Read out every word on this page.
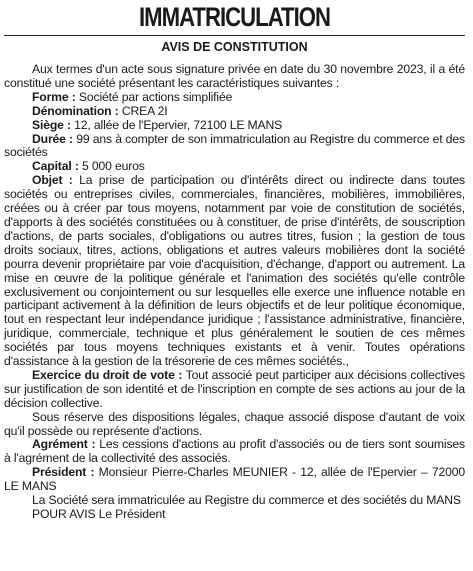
IMMATRICULATION
AVIS DE CONSTITUTION

Aux termes d'un acte sous signature privée en date du 30 novembre 2023, il a été constitué une société présentant les caractéristiques suivantes :

Forme : Société par actions simplifiée

Dénomination : CREA 2I

Siège : 12, allée de l'Epervier, 72100 LE MANS

Durée : 99 ans à compter de son immatriculation au Registre du commerce et des sociétés

Capital : 5 000 euros

Objet : La prise de participation ou d'intérêts direct ou indirecte dans toutes sociétés ou entreprises civiles, commerciales, financières, mobilières, immobilières, créées ou à créer par tous moyens, notamment par voie de constitution de sociétés, d'apports à des sociétés constituées ou à constituer, de prise d'intérêts, de souscription d'actions, de parts sociales, d'obligations ou autres titres, fusion ; la gestion de tous droits sociaux, titres, actions, obligations et autres valeurs mobilières dont la société pourra devenir propriétaire par voie d'acquisition, d'échange, d'apport ou autrement. La mise en œuvre de la politique générale et l'animation des sociétés qu'elle contrôle exclusivement ou conjointement ou sur lesquelles elle exerce une influence notable en participant activement à la définition de leurs objectifs et de leur politique économique, tout en respectant leur indépendance juridique ; l'assistance administrative, financière, juridique, commerciale, technique et plus généralement le soutien de ces mêmes sociétés par tous moyens techniques existants et à venir. Toutes opérations d'assistance à la gestion de la trésorerie de ces mêmes sociétés.,

Exercice du droit de vote : Tout associé peut participer aux décisions collectives sur justification de son identité et de l'inscription en compte de ses actions au jour de la décision collective.

Sous réserve des dispositions légales, chaque associé dispose d'autant de voix qu'il possède ou représente d'actions.

Agrément : Les cessions d'actions au profit d'associés ou de tiers sont soumises à l'agrément de la collectivité des associés.

Président : Monsieur Pierre-Charles MEUNIER - 12, allée de l'Epervier – 72000 LE MANS

La Société sera immatriculée au Registre du commerce et des sociétés du MANS

POUR AVIS Le Président
